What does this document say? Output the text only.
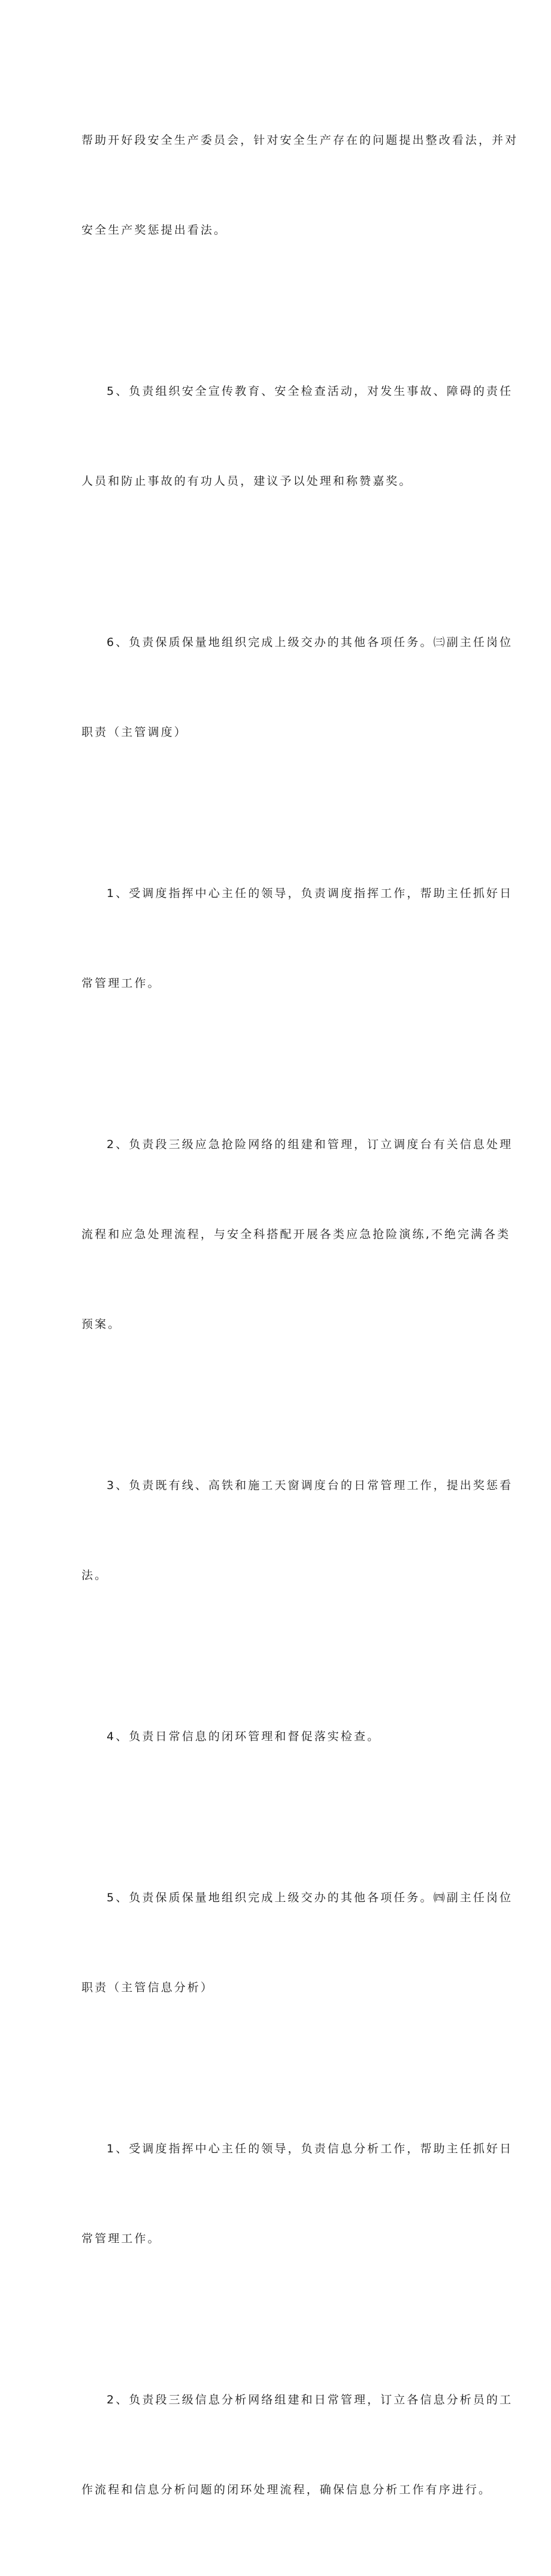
帮助开好段安全生产委员会，针对安全生产存在的问题提出整改看法，并对

安全生产奖惩提出看法。

5、负责组织安全宣传教育、安全检查活动，对发生事故、障碍的责任

人员和防止事故的有功人员，建议予以处理和称赞嘉奖。

6、负责保质保量地组织完成上级交办的其他各项任务。㈢副主任岗位

职责（主管调度）

1、受调度指挥中心主任的领导，负责调度指挥工作，帮助主任抓好日

常管理工作。

2、负责段三级应急抢险网络的组建和管理，订立调度台有关信息处理

流程和应急处理流程，与安全科搭配开展各类应急抢险演练,不绝完满各类

预案。

3、负责既有线、高铁和施工天窗调度台的日常管理工作，提出奖惩看

法。

4、负责日常信息的闭环管理和督促落实检查。

5、负责保质保量地组织完成上级交办的其他各项任务。㈣副主任岗位

职责（主管信息分析）

1、受调度指挥中心主任的领导，负责信息分析工作，帮助主任抓好日

常管理工作。

2、负责段三级信息分析网络组建和日常管理，订立各信息分析员的工

作流程和信息分析问题的闭环处理流程，确保信息分析工作有序进行。
